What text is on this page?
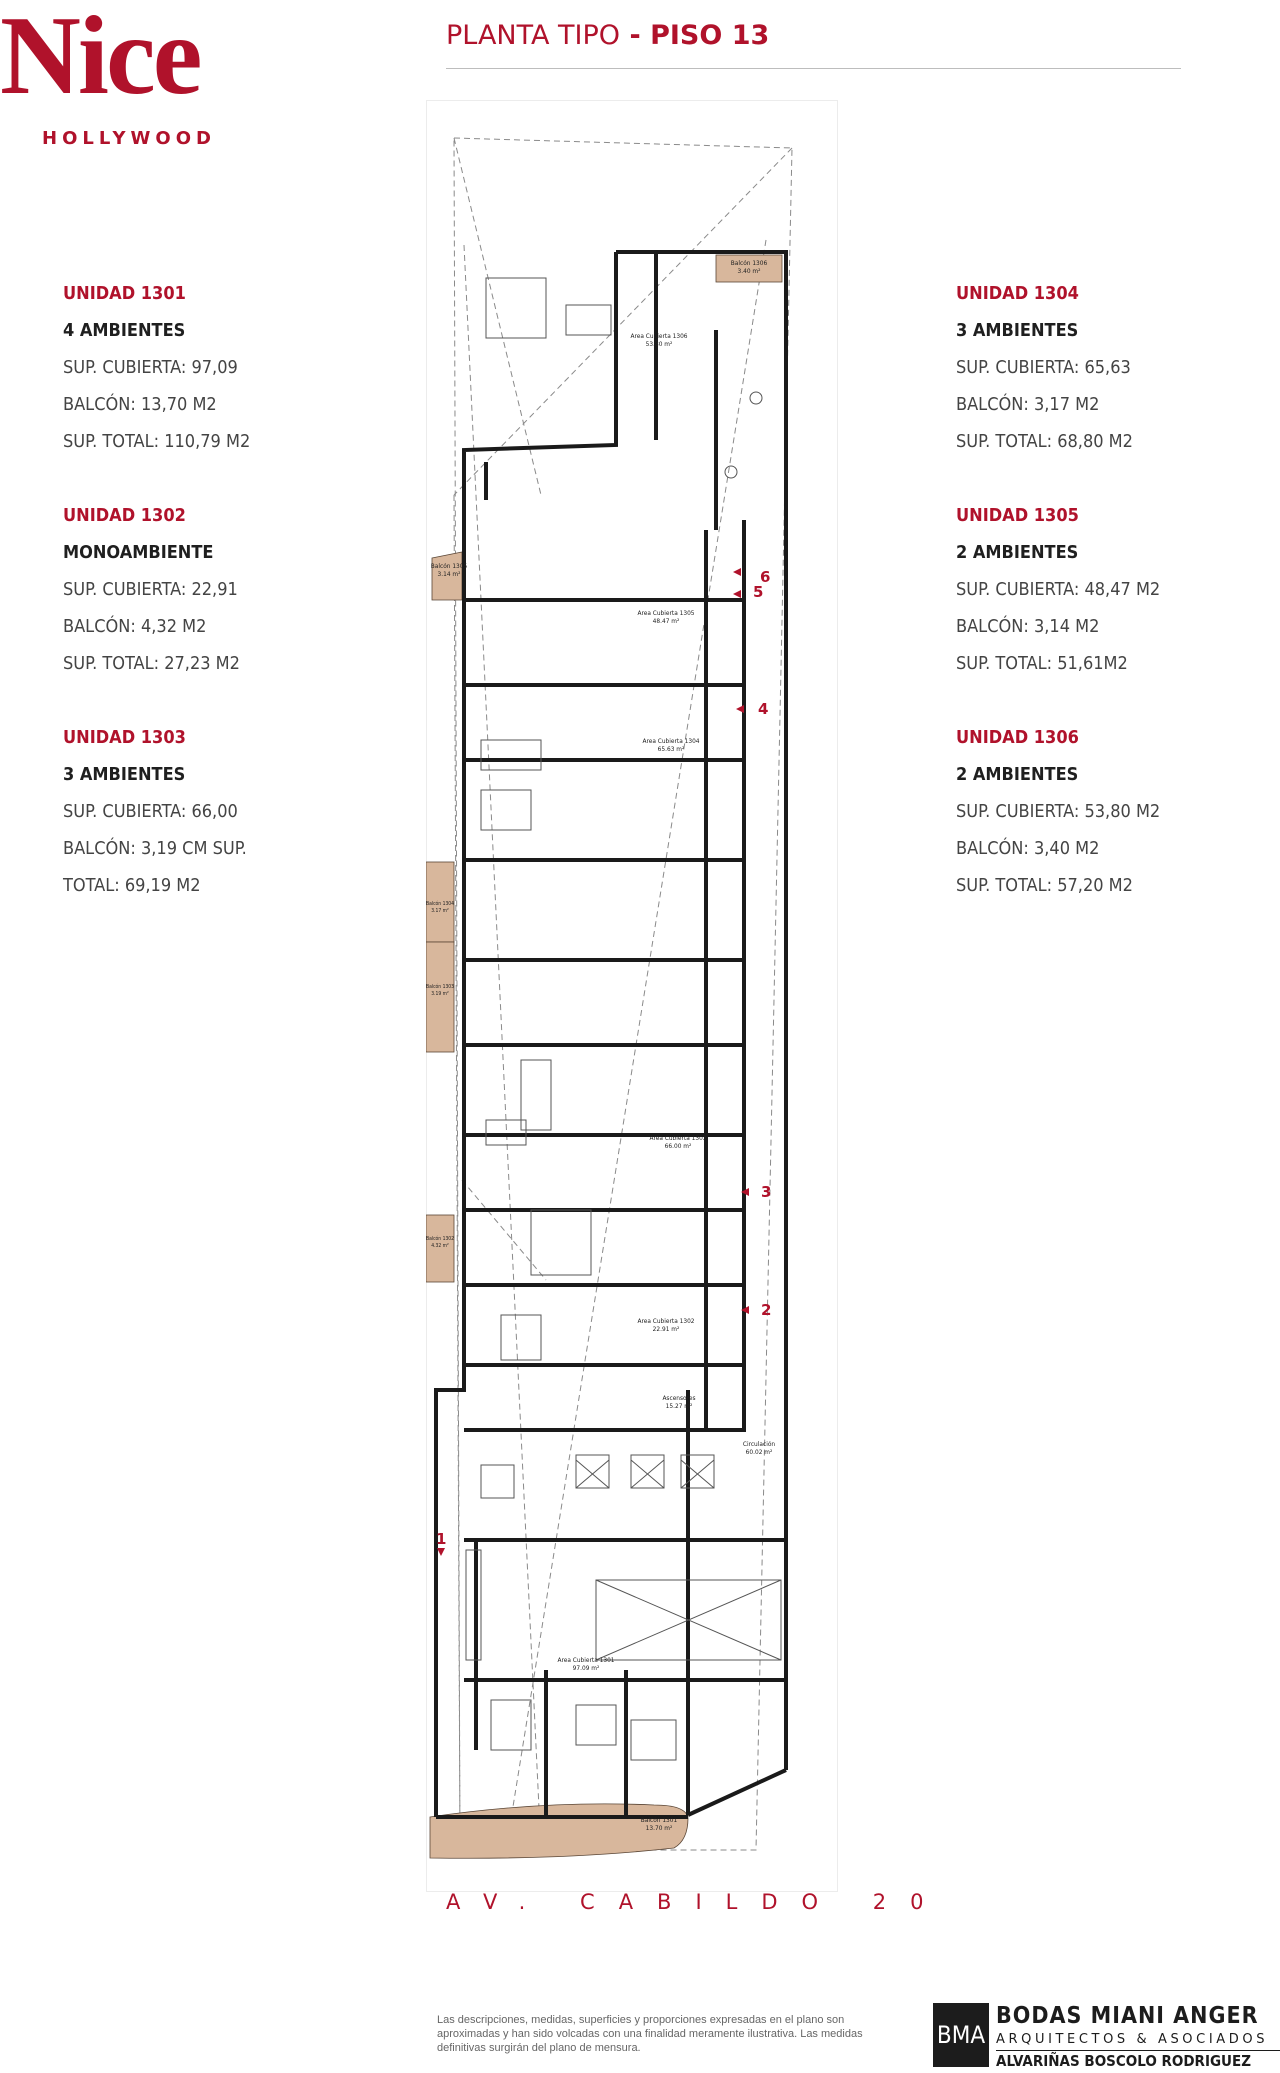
Nice
HOLLYWOOD
PLANTA TIPO - PISO 13
UNIDAD 1301
4 AMBIENTES
SUP. CUBIERTA: 97,09
BALCÓN: 13,70 M2
SUP. TOTAL: 110,79 M2
UNIDAD 1302
MONOAMBIENTE
SUP. CUBIERTA: 22,91
BALCÓN: 4,32 M2
SUP. TOTAL: 27,23 M2
UNIDAD 1303
3 AMBIENTES
SUP. CUBIERTA: 66,00
BALCÓN: 3,19 CM SUP.
TOTAL: 69,19 M2
UNIDAD 1304
3 AMBIENTES
SUP. CUBIERTA: 65,63
BALCÓN: 3,17 M2
SUP. TOTAL: 68,80 M2
UNIDAD 1305
2 AMBIENTES
SUP. CUBIERTA: 48,47 M2
BALCÓN: 3,14 M2
SUP. TOTAL: 51,61M2
UNIDAD 1306
2 AMBIENTES
SUP. CUBIERTA: 53,80 M2
BALCÓN: 3,40 M2
SUP. TOTAL: 57,20 M2
Balcón 1306
3.40 m²
Area Cubierta 1306
53.80 m²
Balcón 1305
3.14 m²
Area Cubierta 1305
48.47 m²
Area Cubierta 1304
65.63 m²
Balcón 1304
3.17 m²
Balcón 1303
3.19 m²
Area Cubierta 1303
66.00 m²
Balcón 1302
4.32 m²
Area Cubierta 1302
22.91 m²
Ascensores
15.27 m²
Circulación
60.02 m²
Area Cubierta 1301
97.09 m²
Balcón 1301
13.70 m²
6
5
4
3
2
1
AV. CABILDO 20
Las descripciones, medidas, superficies y proporciones expresadas en el plano son aproximadas y han sido volcadas con una finalidad meramente ilustrativa. Las medidas definitivas surgirán del plano de mensura.	BMA
BODAS MIANI ANGER
ARQUITECTOS & ASOCIADOS
ALVARIÑAS BOSCOLO RODRIGUEZ
